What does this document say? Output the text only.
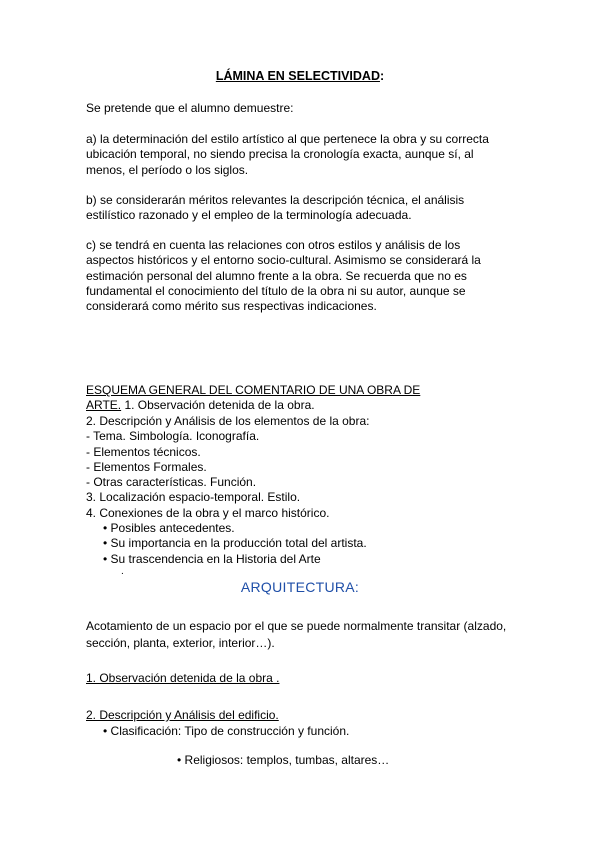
LÁMINA EN SELECTIVIDAD:
Se pretende que el alumno demuestre:
a) la determinación del estilo artístico al que pertenece la obra y su correcta
ubicación temporal, no siendo precisa la cronología exacta, aunque sí, al
menos, el período o los siglos.
b) se considerarán méritos relevantes la descripción técnica, el análisis
estilístico razonado y el empleo de la terminología adecuada.
c) se tendrá en cuenta las relaciones con otros estilos y análisis de los
aspectos históricos y el entorno socio-cultural. Asimismo se considerará la
estimación personal del alumno frente a la obra. Se recuerda que no es
fundamental el conocimiento del título de la obra ni su autor, aunque se
considerará como mérito sus respectivas indicaciones.
ESQUEMA GENERAL DEL COMENTARIO DE UNA OBRA DE
ARTE. 1. Observación detenida de la obra.
2. Descripción y Análisis de los elementos de la obra:
- Tema. Simbología. Iconografía.
- Elementos técnicos.
- Elementos Formales.
- Otras características. Función.
3. Localización espacio-temporal. Estilo.
4. Conexiones de la obra y el marco histórico.
• Posibles antecedentes.
• Su importancia en la producción total del artista.
• Su trascendencia en la Historia del Arte
.
ARQUITECTURA:
Acotamiento de un espacio por el que se puede normalmente transitar (alzado,
sección, planta, exterior, interior…).
1. Observación detenida de la obra .
2. Descripción y Análisis del edificio.
• Clasificación: Tipo de construcción y función.
• Religiosos: templos, tumbas, altares…
